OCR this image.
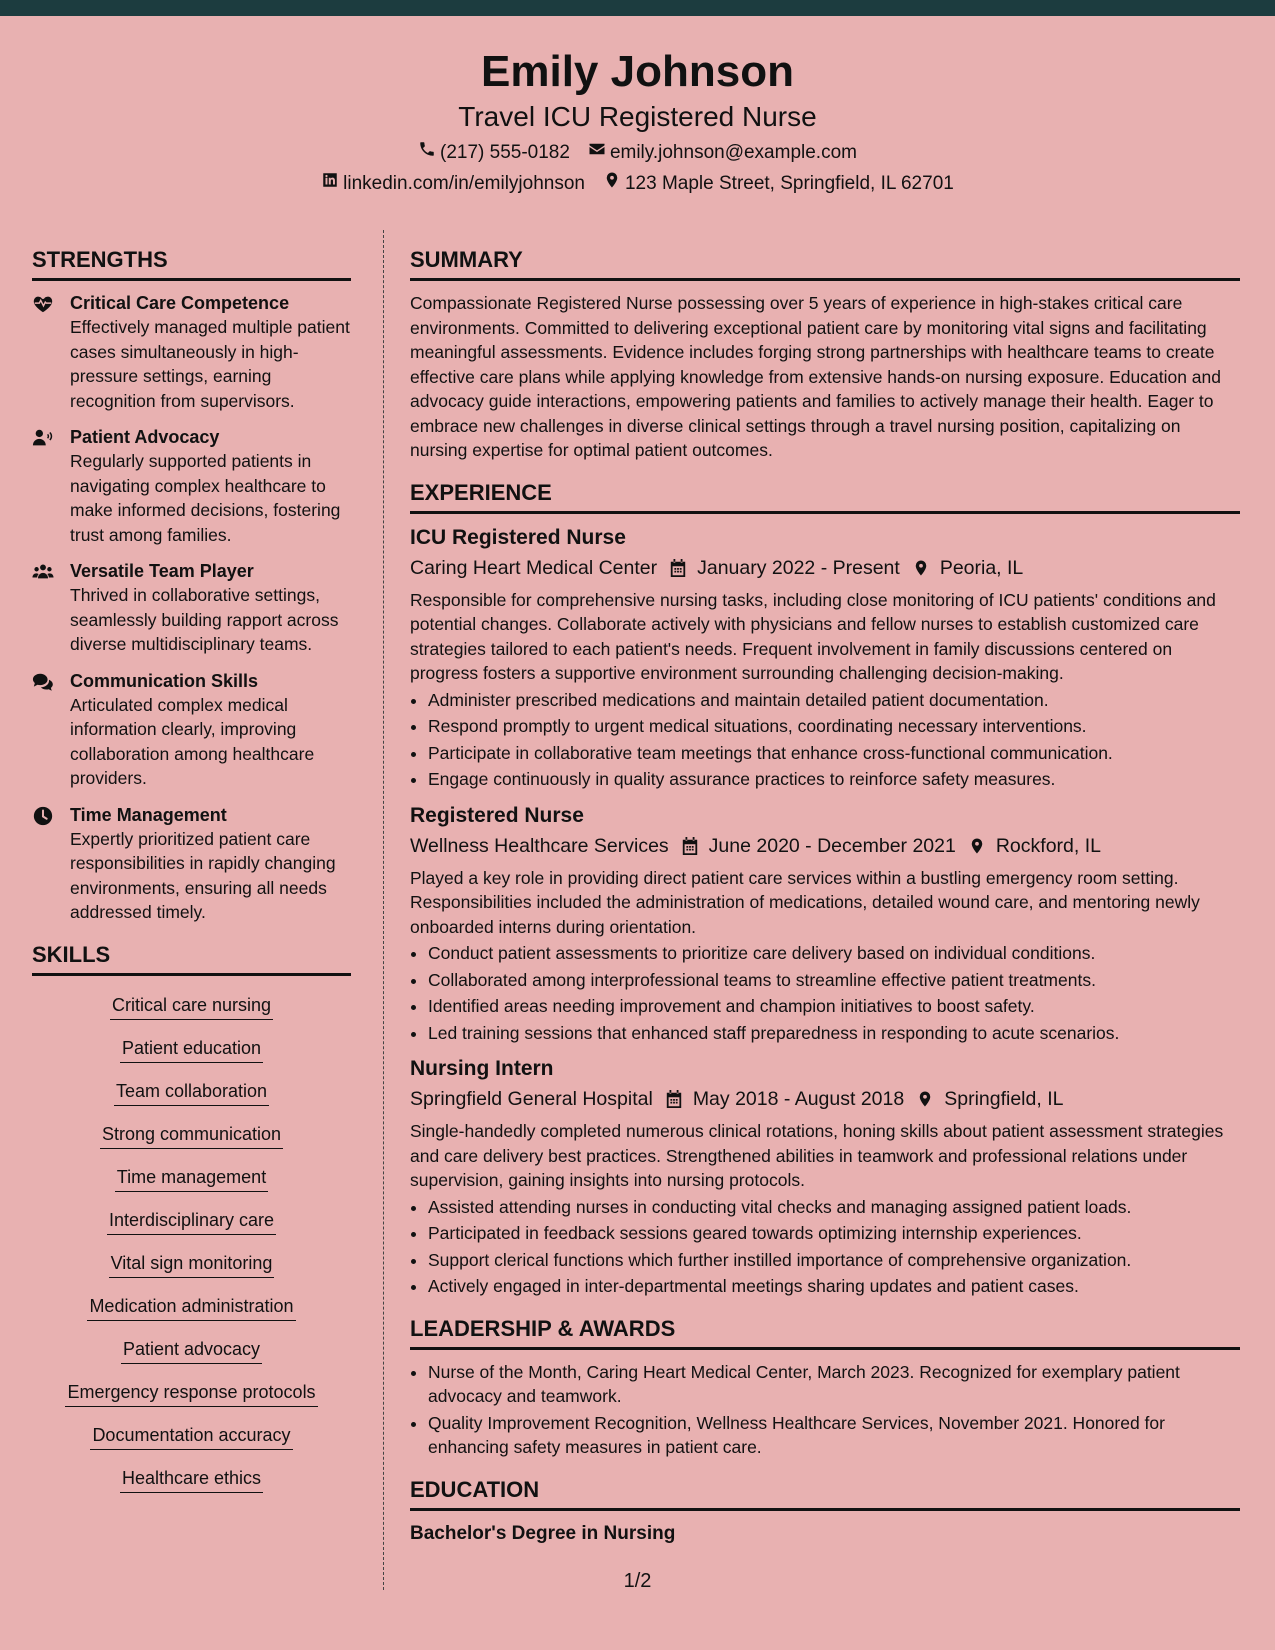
Emily Johnson
Travel ICU Registered Nurse
(217) 555-0182 emily.johnson@example.com
linkedin.com/in/emilyjohnson 123 Maple Street, Springfield, IL 62701
STRENGTHS
Critical Care Competence
Effectively managed multiple patient cases simultaneously in high-pressure settings, earning recognition from supervisors.
Patient Advocacy
Regularly supported patients in navigating complex healthcare to make informed decisions, fostering trust among families.
Versatile Team Player
Thrived in collaborative settings, seamlessly building rapport across diverse multidisciplinary teams.
Communication Skills
Articulated complex medical information clearly, improving collaboration among healthcare providers.
Time Management
Expertly prioritized patient care responsibilities in rapidly changing environments, ensuring all needs addressed timely.
SKILLS
Critical care nursing
Patient education
Team collaboration
Strong communication
Time management
Interdisciplinary care
Vital sign monitoring
Medication administration
Patient advocacy
Emergency response protocols
Documentation accuracy
Healthcare ethics
SUMMARY

Compassionate Registered Nurse possessing over 5 years of experience in high-stakes critical care environments. Committed to delivering exceptional patient care by monitoring vital signs and facilitating meaningful assessments. Evidence includes forging strong partnerships with healthcare teams to create effective care plans while applying knowledge from extensive hands-on nursing exposure. Education and advocacy guide interactions, empowering patients and families to actively manage their health. Eager to embrace new challenges in diverse clinical settings through a travel nursing position, capitalizing on nursing expertise for optimal patient outcomes.

EXPERIENCE
ICU Registered Nurse
Caring Heart Medical Center January 2022 - Present Peoria, IL
Responsible for comprehensive nursing tasks, including close monitoring of ICU patients' conditions and potential changes. Collaborate actively with physicians and fellow nurses to establish customized care strategies tailored to each patient's needs. Frequent involvement in family discussions centered on progress fosters a supportive environment surrounding challenging decision-making.
• Administer prescribed medications and maintain detailed patient documentation.
• Respond promptly to urgent medical situations, coordinating necessary interventions.
• Participate in collaborative team meetings that enhance cross-functional communication.
• Engage continuously in quality assurance practices to reinforce safety measures.
Registered Nurse
Wellness Healthcare Services June 2020 - December 2021 Rockford, IL
Played a key role in providing direct patient care services within a bustling emergency room setting. Responsibilities included the administration of medications, detailed wound care, and mentoring newly onboarded interns during orientation.
• Conduct patient assessments to prioritize care delivery based on individual conditions.
• Collaborated among interprofessional teams to streamline effective patient treatments.
• Identified areas needing improvement and champion initiatives to boost safety.
• Led training sessions that enhanced staff preparedness in responding to acute scenarios.
Nursing Intern
Springfield General Hospital May 2018 - August 2018 Springfield, IL
Single-handedly completed numerous clinical rotations, honing skills about patient assessment strategies and care delivery best practices. Strengthened abilities in teamwork and professional relations under supervision, gaining insights into nursing protocols.
• Assisted attending nurses in conducting vital checks and managing assigned patient loads.
• Participated in feedback sessions geared towards optimizing internship experiences.
• Support clerical functions which further instilled importance of comprehensive organization.
• Actively engaged in inter-departmental meetings sharing updates and patient cases.
LEADERSHIP & AWARDS
• Nurse of the Month, Caring Heart Medical Center, March 2023. Recognized for exemplary patient advocacy and teamwork.
• Quality Improvement Recognition, Wellness Healthcare Services, November 2021. Honored for enhancing safety measures in patient care.
EDUCATION
Bachelor's Degree in Nursing
1/2
